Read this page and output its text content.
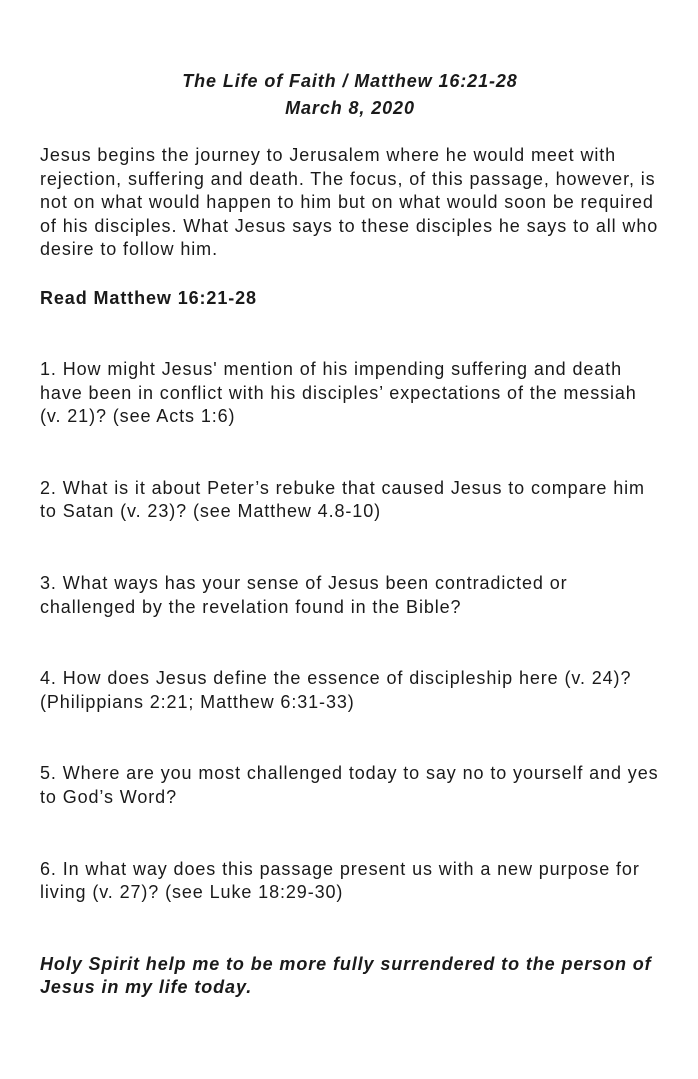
The Life of Faith / Matthew 16:21-28
March 8, 2020

Jesus begins the journey to Jerusalem where he would meet with rejection, suffering and death. The focus, of this passage, however, is not on what would happen to him but on what would soon be required of his disciples. What Jesus says to these disciples he says to all who desire to follow him.

Read Matthew 16:21-28

1. How might Jesus' mention of his impending suffering and death have been in conflict with his disciples’ expectations of the messiah (v. 21)? (see Acts 1:6)
2. What is it about Peter’s rebuke that caused Jesus to compare him to Satan (v. 23)? (see Matthew 4.8-10)
3. What ways has your sense of Jesus been contradicted or challenged by the revelation found in the Bible?
4. How does Jesus define the essence of discipleship here (v. 24)? (Philippians 2:21; Matthew 6:31-33)
5. Where are you most challenged today to say no to yourself and yes to God’s Word?
6. In what way does this passage present us with a new purpose for living (v. 27)? (see Luke 18:29-30)

Holy Spirit help me to be more fully surrendered to the person of Jesus in my life today.
